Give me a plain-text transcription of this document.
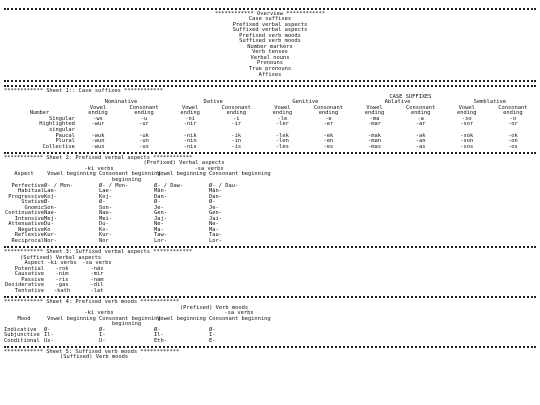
************ Overview ************
Case suffixes
Prefixed verbal aspects
Suffixed verbal aspects
Prefixed verb moods
Suffixed verb moods
Number markers
Verb tenses
Verbal nouns
Pronouns
True pronouns
Affixes
************ Sheet 1:: Case suffixes ************
	CASE SUFFIXES									
	Nominative		Dative		Genitive		Ablative		Semblative	
	Vowel	Consonant	Vowel	Consonant	Vowel	Consonant	Vowel	Consonant	Vowel	Consonant
Number	ending	ending	ending	ending	ending	ending	ending	ending	ending	ending
Singular	-ws	-u	-ni	-i	-le	-e	-ma	-a	-so	-o
Highlighted	-wur	-ur	-nir	-ir	-ler	-er	-mar	-ar	-sor	-or
singular										
Paucal	-wuk	-uk	-nik	-ik	-lek	-ek	-mak	-ak	-sok	-ok
Plural	-wun	-un	-nin	-in	-len	-en	-man	-an	-son	-on
Collective	-wus	-us	-nis	-is	-les	-es	-mas	-as	-sos	-os
************ Sheet 2: Prefixed verbal aspects ************
	(Prefixed) Verbal aspects			
	-ki verbs		-sa verbs	
Aspect	Vowel beginning	Consonant beginning	Vowel beginning	Consonant beginning
		beginning		
Perfective	Ø- / Mon-	Ø- / Mon-	Ø- / Daw-	Ø- / Dau-
Habitual	Lae-	Lae-	Män-	Män-
Progressive	Koj-	Koj-	Dan-	Dan-
Stative	Ø-	Ø-	Ø-	Ø-
Gnomic	Son-	Son-	Je-	Je-
Continuative	Nae-	Nae-	Gen-	Gen-
Intensive	Mej-	Mei-	Jaj-	Jai-
Attenuative	Du-	Du-	Ne-	Ne-
Negative	Ko	Ko-	Ma-	Ma-
Reflexive	Kur-	Kur-	Taw-	Tau-
Reciprocal	Nor-	Nor	Lor-	Lor-
************ Sheet 3: Suffixed verbal aspects ************
(Suffixed) Verbal aspects
Aspect	-ki verbs	-sa verbs
Potential	-rok	-näs
Causative	-nim	-mir
Passive	-ris	-nam
Desiderative	-gas	-dil
Tentative	-kath	-lat
************ Sheet 4: Prefixed verb moods ************
	(Prefixed) Verb moods			
	-ki verbs		-sa verbs	
Mood	Vowel beginning	Consonant beginning	Vowel beginning	Consonant beginning
		beginning		
Indicative	Ø-	Ø-	Ø-	Ø-
Subjunctive	Il-	I-	Il-	I-
Conditional	Us-	U-	Eth-	E-
************ Sheet 5: Suffixed verb moods ************
(Suffixed) Verb moods
